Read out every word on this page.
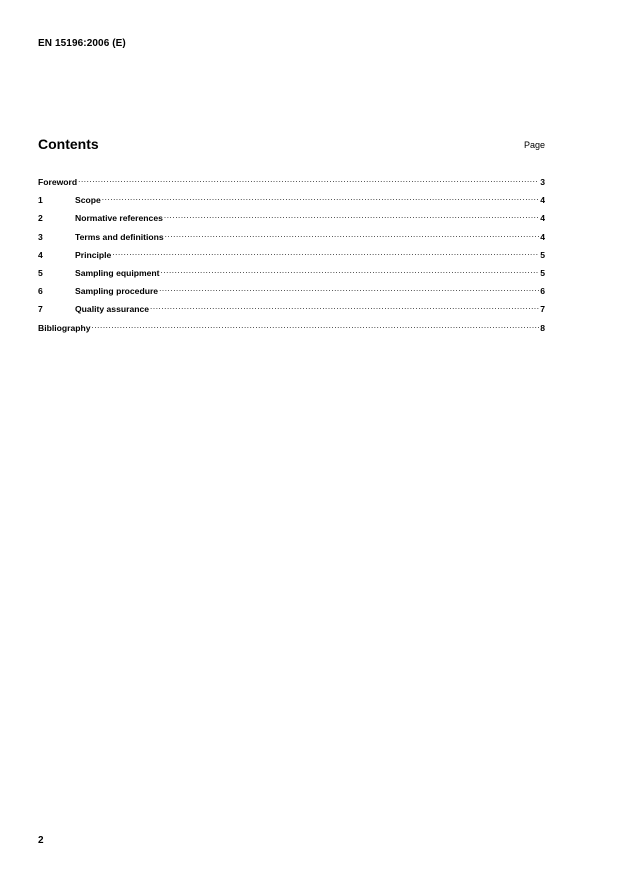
EN 15196:2006 (E)
Contents	Page
Foreword .....	3
1	Scope .....	4
2	Normative references .....	4
3	Terms and definitions .....	4
4	Principle .....	5
5	Sampling equipment .....	5
6	Sampling procedure .....	6
7	Quality assurance .....	7
Bibliography .....	8
2
